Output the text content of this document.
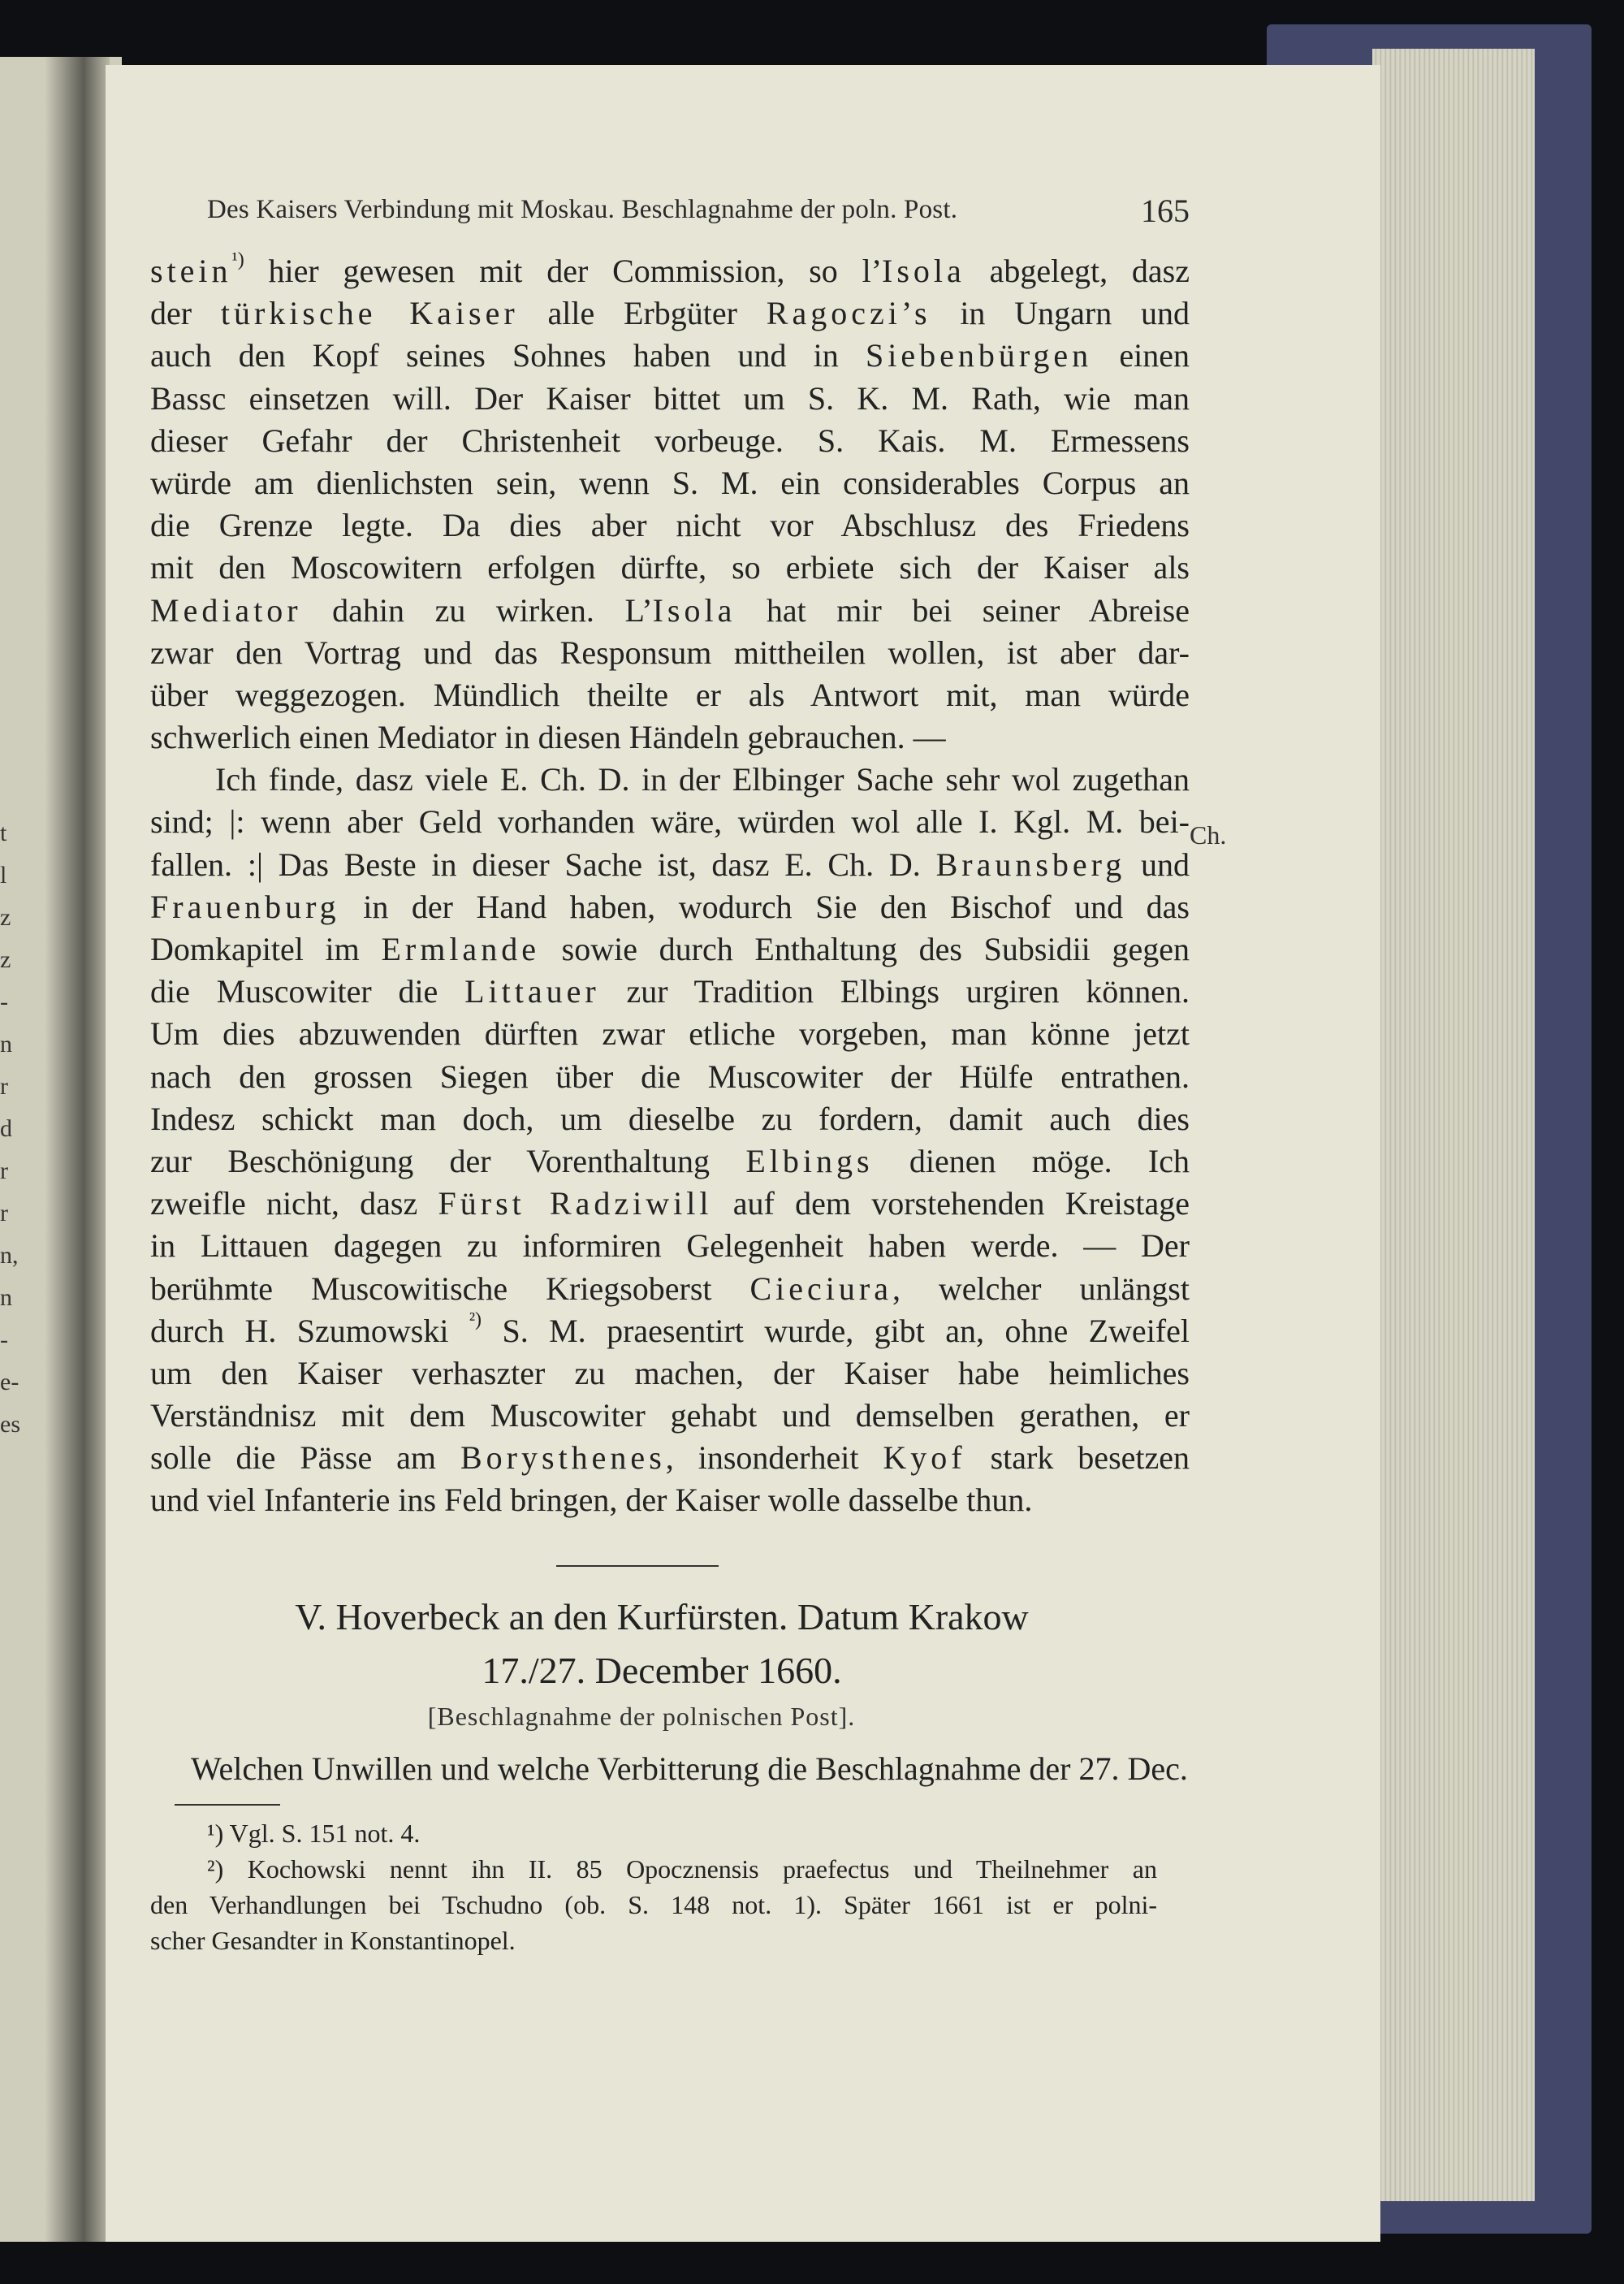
t
l
z
z
-
n
r
d
r
r
n,
n
-
e-
es
Des Kaisers Verbindung mit Moskau. Beschlagnahme der poln. Post.	165
stein$^{^1)}$ hier gewesen mit der Commission, so l’Isola abgelegt, dasz
der türkische Kaiser alle Erbgüter Ragoczi’s in Ungarn und
auch den Kopf seines Sohnes haben und in Siebenbürgen einen
Bassc einsetzen will. Der Kaiser bittet um S. K. M. Rath, wie man
dieser Gefahr der Christenheit vorbeuge. S. Kais. M. Ermessens
würde am dienlichsten sein, wenn S. M. ein considerables Corpus an
die Grenze legte. Da dies aber nicht vor Abschlusz des Friedens
mit den Moscowitern erfolgen dürfte, so erbiete sich der Kaiser als
Mediator dahin zu wirken. L’Isola hat mir bei seiner Abreise
zwar den Vortrag und das Responsum mittheilen wollen, ist aber dar-
über weggezogen. Mündlich theilte er als Antwort mit, man würde
schwerlich einen Mediator in diesen Händeln gebrauchen. —
Ich finde, dasz viele E. Ch. D. in der Elbinger Sache sehr wol zugethan
sind; |: wenn aber Geld vorhanden wäre, würden wol alle I. Kgl. M. bei-
fallen. :| Das Beste in dieser Sache ist, dasz E. Ch. D. Braunsberg und
Frauenburg in der Hand haben, wodurch Sie den Bischof und das
Domkapitel im Ermlande sowie durch Enthaltung des Subsidii gegen
die Muscowiter die Littauer zur Tradition Elbings urgiren können.
Um dies abzuwenden dürften zwar etliche vorgeben, man könne jetzt
nach den grossen Siegen über die Muscowiter der Hülfe entrathen.
Indesz schickt man doch, um dieselbe zu fordern, damit auch dies
zur Beschönigung der Vorenthaltung Elbings dienen möge. Ich
zweifle nicht, dasz Fürst Radziwill auf dem vorstehenden Kreistage
in Littauen dagegen zu informiren Gelegenheit haben werde. — Der
berühmte Muscowitische Kriegsoberst Cieciura, welcher unlängst
durch H. Szumowski $^{^2)}$ S. M. praesentirt wurde, gibt an, ohne Zweifel
um den Kaiser verhaszter zu machen, der Kaiser habe heimliches
Verständnisz mit dem Muscowiter gehabt und demselben gerathen, er
solle die Pässe am Borysthenes, insonderheit Kyof stark besetzen
und viel Infanterie ins Feld bringen, der Kaiser wolle dasselbe thun.
Ch.
V. Hoverbeck an den Kurfürsten. Datum Krakow
17./27. December 1660.
[Beschlagnahme der polnischen Post].
Welchen Unwillen und welche Verbitterung die Beschlagnahme der 27. Dec.
¹) Vgl. S. 151 not. 4.
²) Kochowski nennt ihn II. 85 Opocznensis praefectus und Theilnehmer an
den Verhandlungen bei Tschudno (ob. S. 148 not. 1). Später 1661 ist er polni-
scher Gesandter in Konstantinopel.
